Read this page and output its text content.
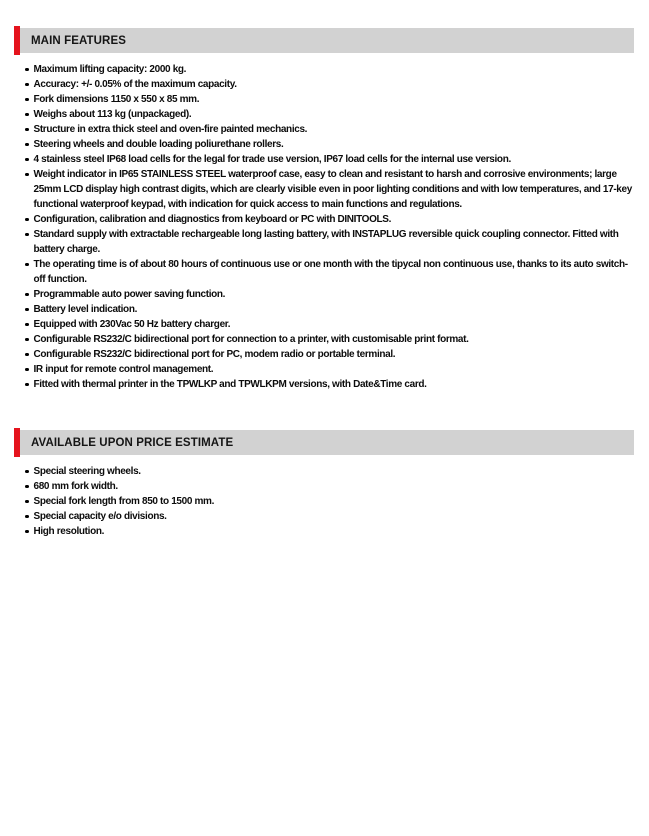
MAIN FEATURES
Maximum lifting capacity: 2000 kg.
Accuracy: +/- 0.05% of the maximum capacity.
Fork dimensions 1150 x 550 x 85 mm.
Weighs about 113 kg (unpackaged).
Structure in extra thick steel and oven-fire painted mechanics.
Steering wheels and double loading poliurethane rollers.
4 stainless steel IP68 load cells for the legal for trade use version, IP67 load cells for the internal use version.
Weight indicator in IP65 STAINLESS STEEL waterproof case, easy to clean and resistant to harsh and corrosive environments; large 25mm LCD display high contrast digits, which are clearly visible even in poor lighting conditions and with low temperatures, and 17-key functional waterproof keypad, with indication for quick access to main functions and regulations.
Configuration, calibration and diagnostics from keyboard or PC with DINITOOLS.
Standard supply with extractable rechargeable long lasting battery, with INSTAPLUG reversible quick coupling connector. Fitted with battery charge.
The operating time is of about 80 hours of continuous use or one month with the tipycal non continuous use, thanks to its auto switch-off function.
Programmable auto power saving function.
Battery level indication.
Equipped with 230Vac 50 Hz battery charger.
Configurable RS232/C bidirectional port for connection to a printer, with customisable print format.
Configurable RS232/C bidirectional port for PC, modem radio or portable terminal.
IR input for remote control management.
Fitted with thermal printer in the TPWLKP and TPWLKPM versions, with Date&Time card.
AVAILABLE UPON PRICE ESTIMATE
Special steering wheels.
680 mm fork width.
Special fork length from 850 to 1500 mm.
Special capacity e/o divisions.
High resolution.
